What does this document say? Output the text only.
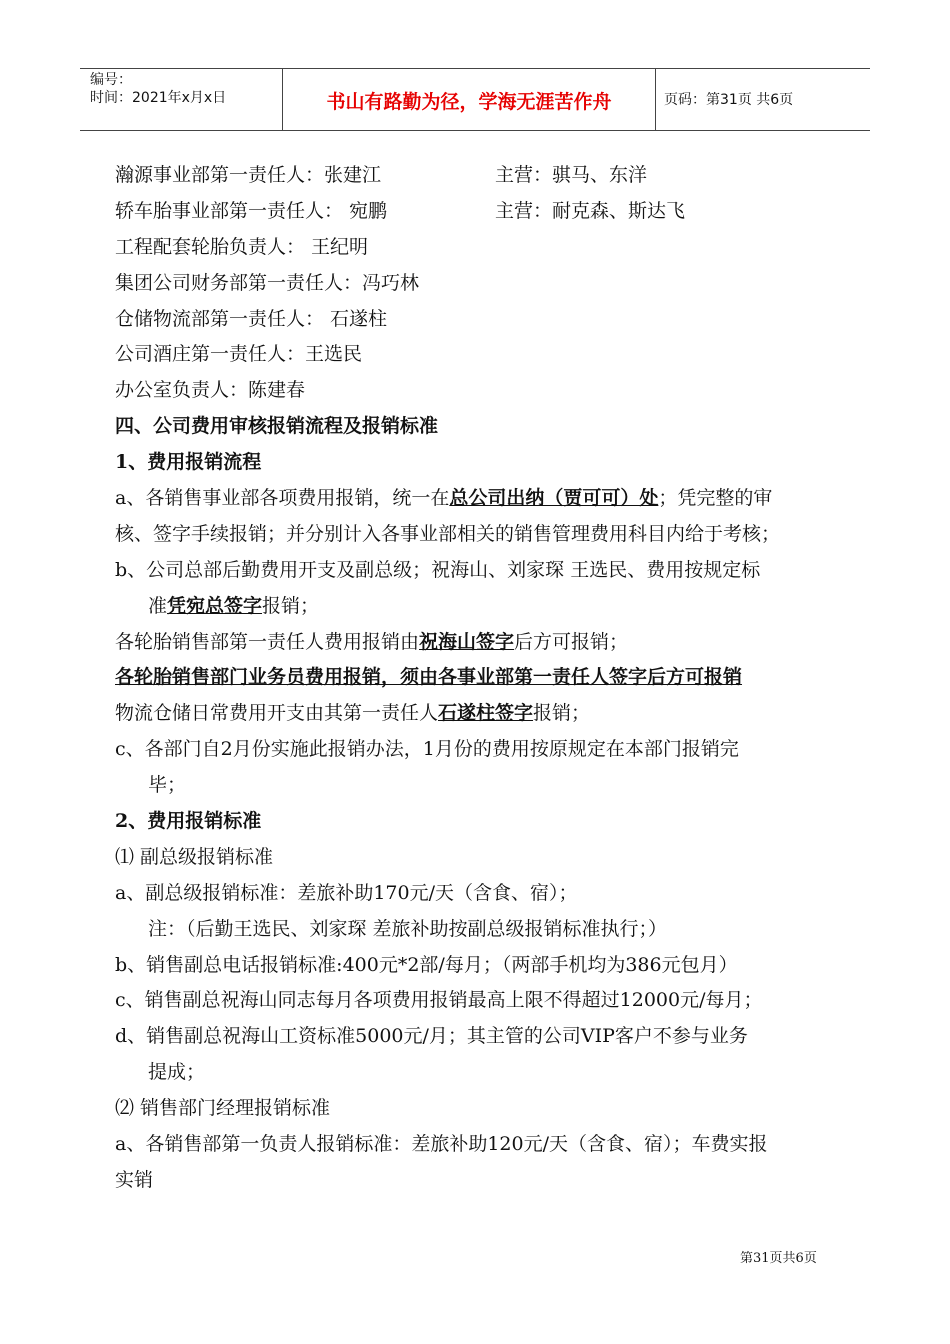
编号：
时间：2021年x月x日	书山有路勤为径，学海无涯苦作舟	页码：第31页 共6页
瀚源事业部第一责任人：张建江	主营：骐马、东洋
轿车胎事业部第一责任人： 宛鹏	主营：耐克森、斯达飞
工程配套轮胎负责人： 王纪明
集团公司财务部第一责任人：冯巧林
仓储物流部第一责任人： 石遂柱
公司酒庄第一责任人：王选民
办公室负责人：陈建春
四、公司费用审核报销流程及报销标准
1、费用报销流程
a、各销售事业部各项费用报销，统一在总公司出纳（贾可可）处；凭完整的审
核、签字手续报销；并分别计入各事业部相关的销售管理费用科目内给于考核；
b、公司总部后勤费用开支及副总级；祝海山、刘家琛 王选民、费用按规定标
准凭宛总签字报销；
各轮胎销售部第一责任人费用报销由祝海山签字后方可报销；
各轮胎销售部门业务员费用报销，须由各事业部第一责任人签字后方可报销
物流仓储日常费用开支由其第一责任人石遂柱签字报销；
c、各部门自2月份实施此报销办法，1月份的费用按原规定在本部门报销完
毕；
2、费用报销标准
⑴ 副总级报销标准
a、副总级报销标准：差旅补助170元/天（含食、宿）；
注：（后勤王选民、刘家琛 差旅补助按副总级报销标准执行；）
b、销售副总电话报销标准:400元*2部/每月；（两部手机均为386元包月）
c、销售副总祝海山同志每月各项费用报销最高上限不得超过12000元/每月；
d、销售副总祝海山工资标准5000元/月；其主管的公司VIP客户不参与业务
提成；
⑵ 销售部门经理报销标准
a、各销售部第一负责人报销标准：差旅补助120元/天（含食、宿）；车费实报
实销
第31页共6页
